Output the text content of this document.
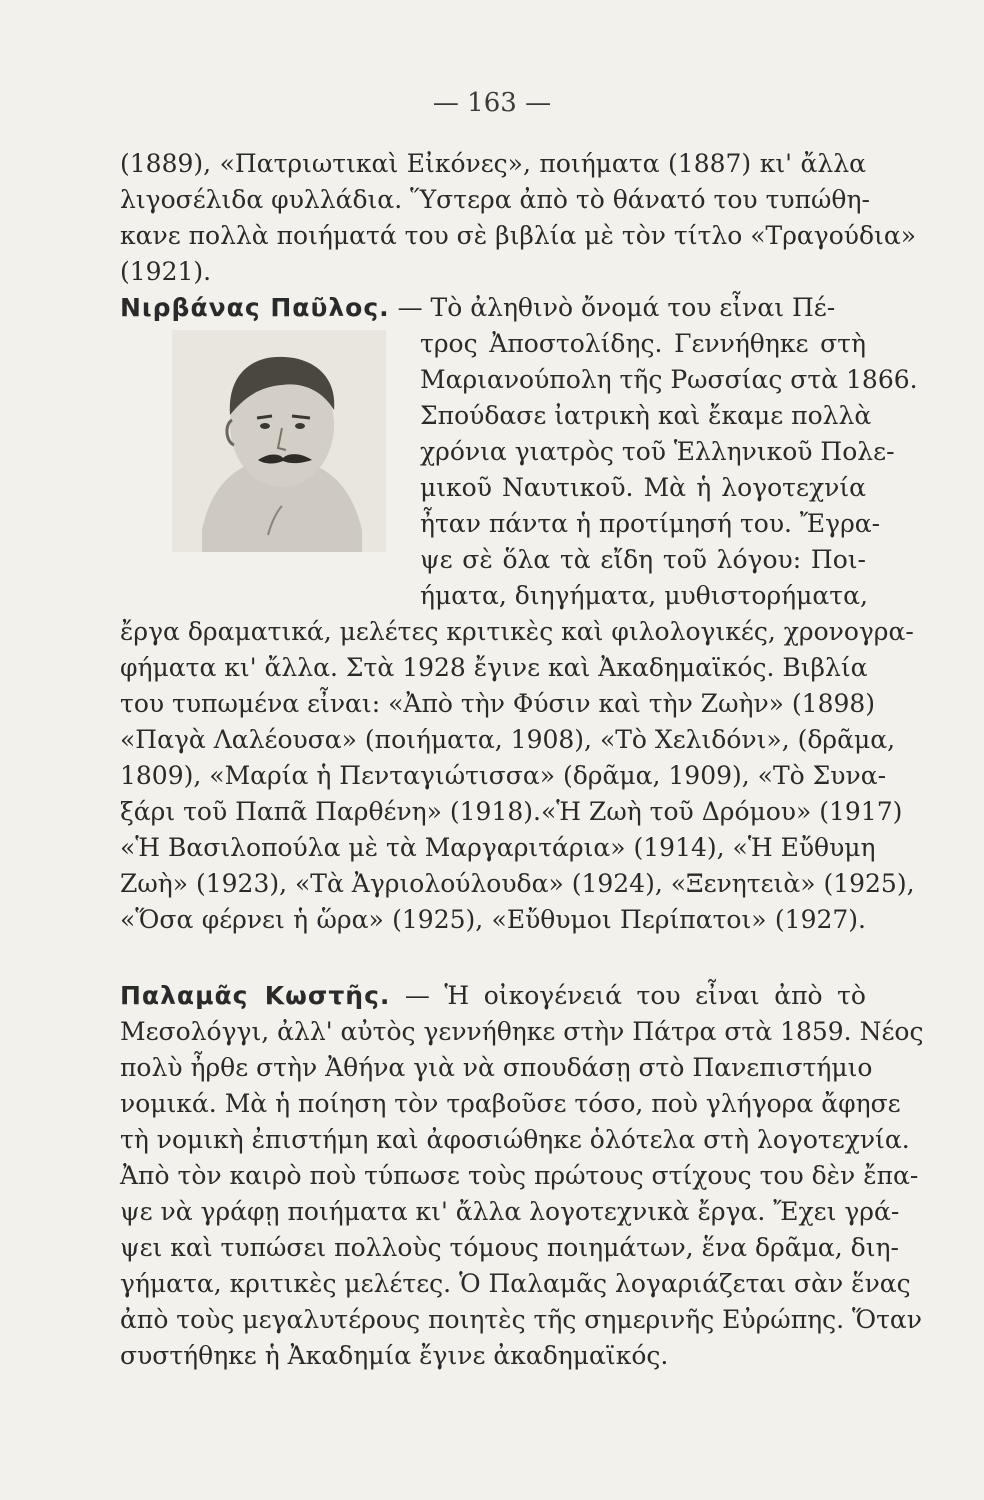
— 163 —
(1889), «Πατριωτικαὶ Εἰκόνες», ποιήματα (1887) κι' ἄλλα
λιγοσέλιδα φυλλάδια. Ὕστερα ἀπὸ τὸ θάνατό του τυπώθη-
κανε πολλὰ ποιήματά του σὲ βιβλία μὲ τὸν τίτλο «Τραγούδια»
(1921).
Νιρβάνας Παῦλος. — Τὸ ἀληθινὸ ὄνομά του εἶναι Πέ-
τρος Ἀποστολίδης. Γεννήθηκε στὴ
Μαριανούπολη τῆς Ρωσσίας στὰ 1866.
Σπούδασε ἰατρικὴ καὶ ἔκαμε πολλὰ
χρόνια γιατρὸς τοῦ Ἑλληνικοῦ Πολε-
μικοῦ Ναυτικοῦ. Μὰ ἡ λογοτεχνία
ἦταν πάντα ἡ προτίμησή του. Ἔγρα-
ψε σὲ ὅλα τὰ εἴδη τοῦ λόγου: Ποι-
ήματα, διηγήματα, μυθιστορήματα,
ἔργα δραματικά, μελέτες κριτικὲς καὶ φιλολογικές, χρονογρα-
φήματα κι' ἄλλα. Στὰ 1928 ἔγινε καὶ Ἀκαδημαϊκός. Βιβλία
του τυπωμένα εἶναι: «Ἀπὸ τὴν Φύσιν καὶ τὴν Ζωὴν» (1898)
«Παγὰ Λαλέουσα» (ποιήματα, 1908), «Τὸ Χελιδόνι», (δρᾶμα,
1809), «Μαρία ἡ Πενταγιώτισσα» (δρᾶμα, 1909), «Τὸ Συνα-
ξάρι τοῦ Παπᾶ Παρθένη» (1918).«Ἡ Ζωὴ τοῦ Δρόμου» (1917)
«Ἡ Βασιλοπούλα μὲ τὰ Μαργαριτάρια» (1914), «Ἡ Εὔθυμη
Ζωὴ» (1923), «Τὰ Ἀγριολούλουδα» (1924), «Ξενητειὰ» (1925),
«Ὅσα φέρνει ἡ ὥρα» (1925), «Εὔθυμοι Περίπατοι» (1927).
Παλαμᾶς Κωστῆς. — Ἡ οἰκογένειά του εἶναι ἀπὸ τὸ
Μεσολόγγι, ἀλλ' αὐτὸς γεννήθηκε στὴν Πάτρα στὰ 1859. Νέος
πολὺ ἦρθε στὴν Ἀθήνα γιὰ νὰ σπουδάσῃ στὸ Πανεπιστήμιο
νομικά. Μὰ ἡ ποίηση τὸν τραβοῦσε τόσο, ποὺ γλήγορα ἄφησε
τὴ νομικὴ ἐπιστήμη καὶ ἀφοσιώθηκε ὁλότελα στὴ λογοτεχνία.
Ἀπὸ τὸν καιρὸ ποὺ τύπωσε τοὺς πρώτους στίχους του δὲν ἔπα-
ψε νὰ γράφῃ ποιήματα κι' ἄλλα λογοτεχνικὰ ἔργα. Ἔχει γρά-
ψει καὶ τυπώσει πολλοὺς τόμους ποιημάτων, ἕνα δρᾶμα, διη-
γήματα, κριτικὲς μελέτες. Ὁ Παλαμᾶς λογαριάζεται σὰν ἕνας
ἀπὸ τοὺς μεγαλυτέρους ποιητὲς τῆς σημερινῆς Εὐρώπης. Ὅταν
συστήθηκε ἡ Ἀκαδημία ἔγινε ἀκαδημαϊκός.
